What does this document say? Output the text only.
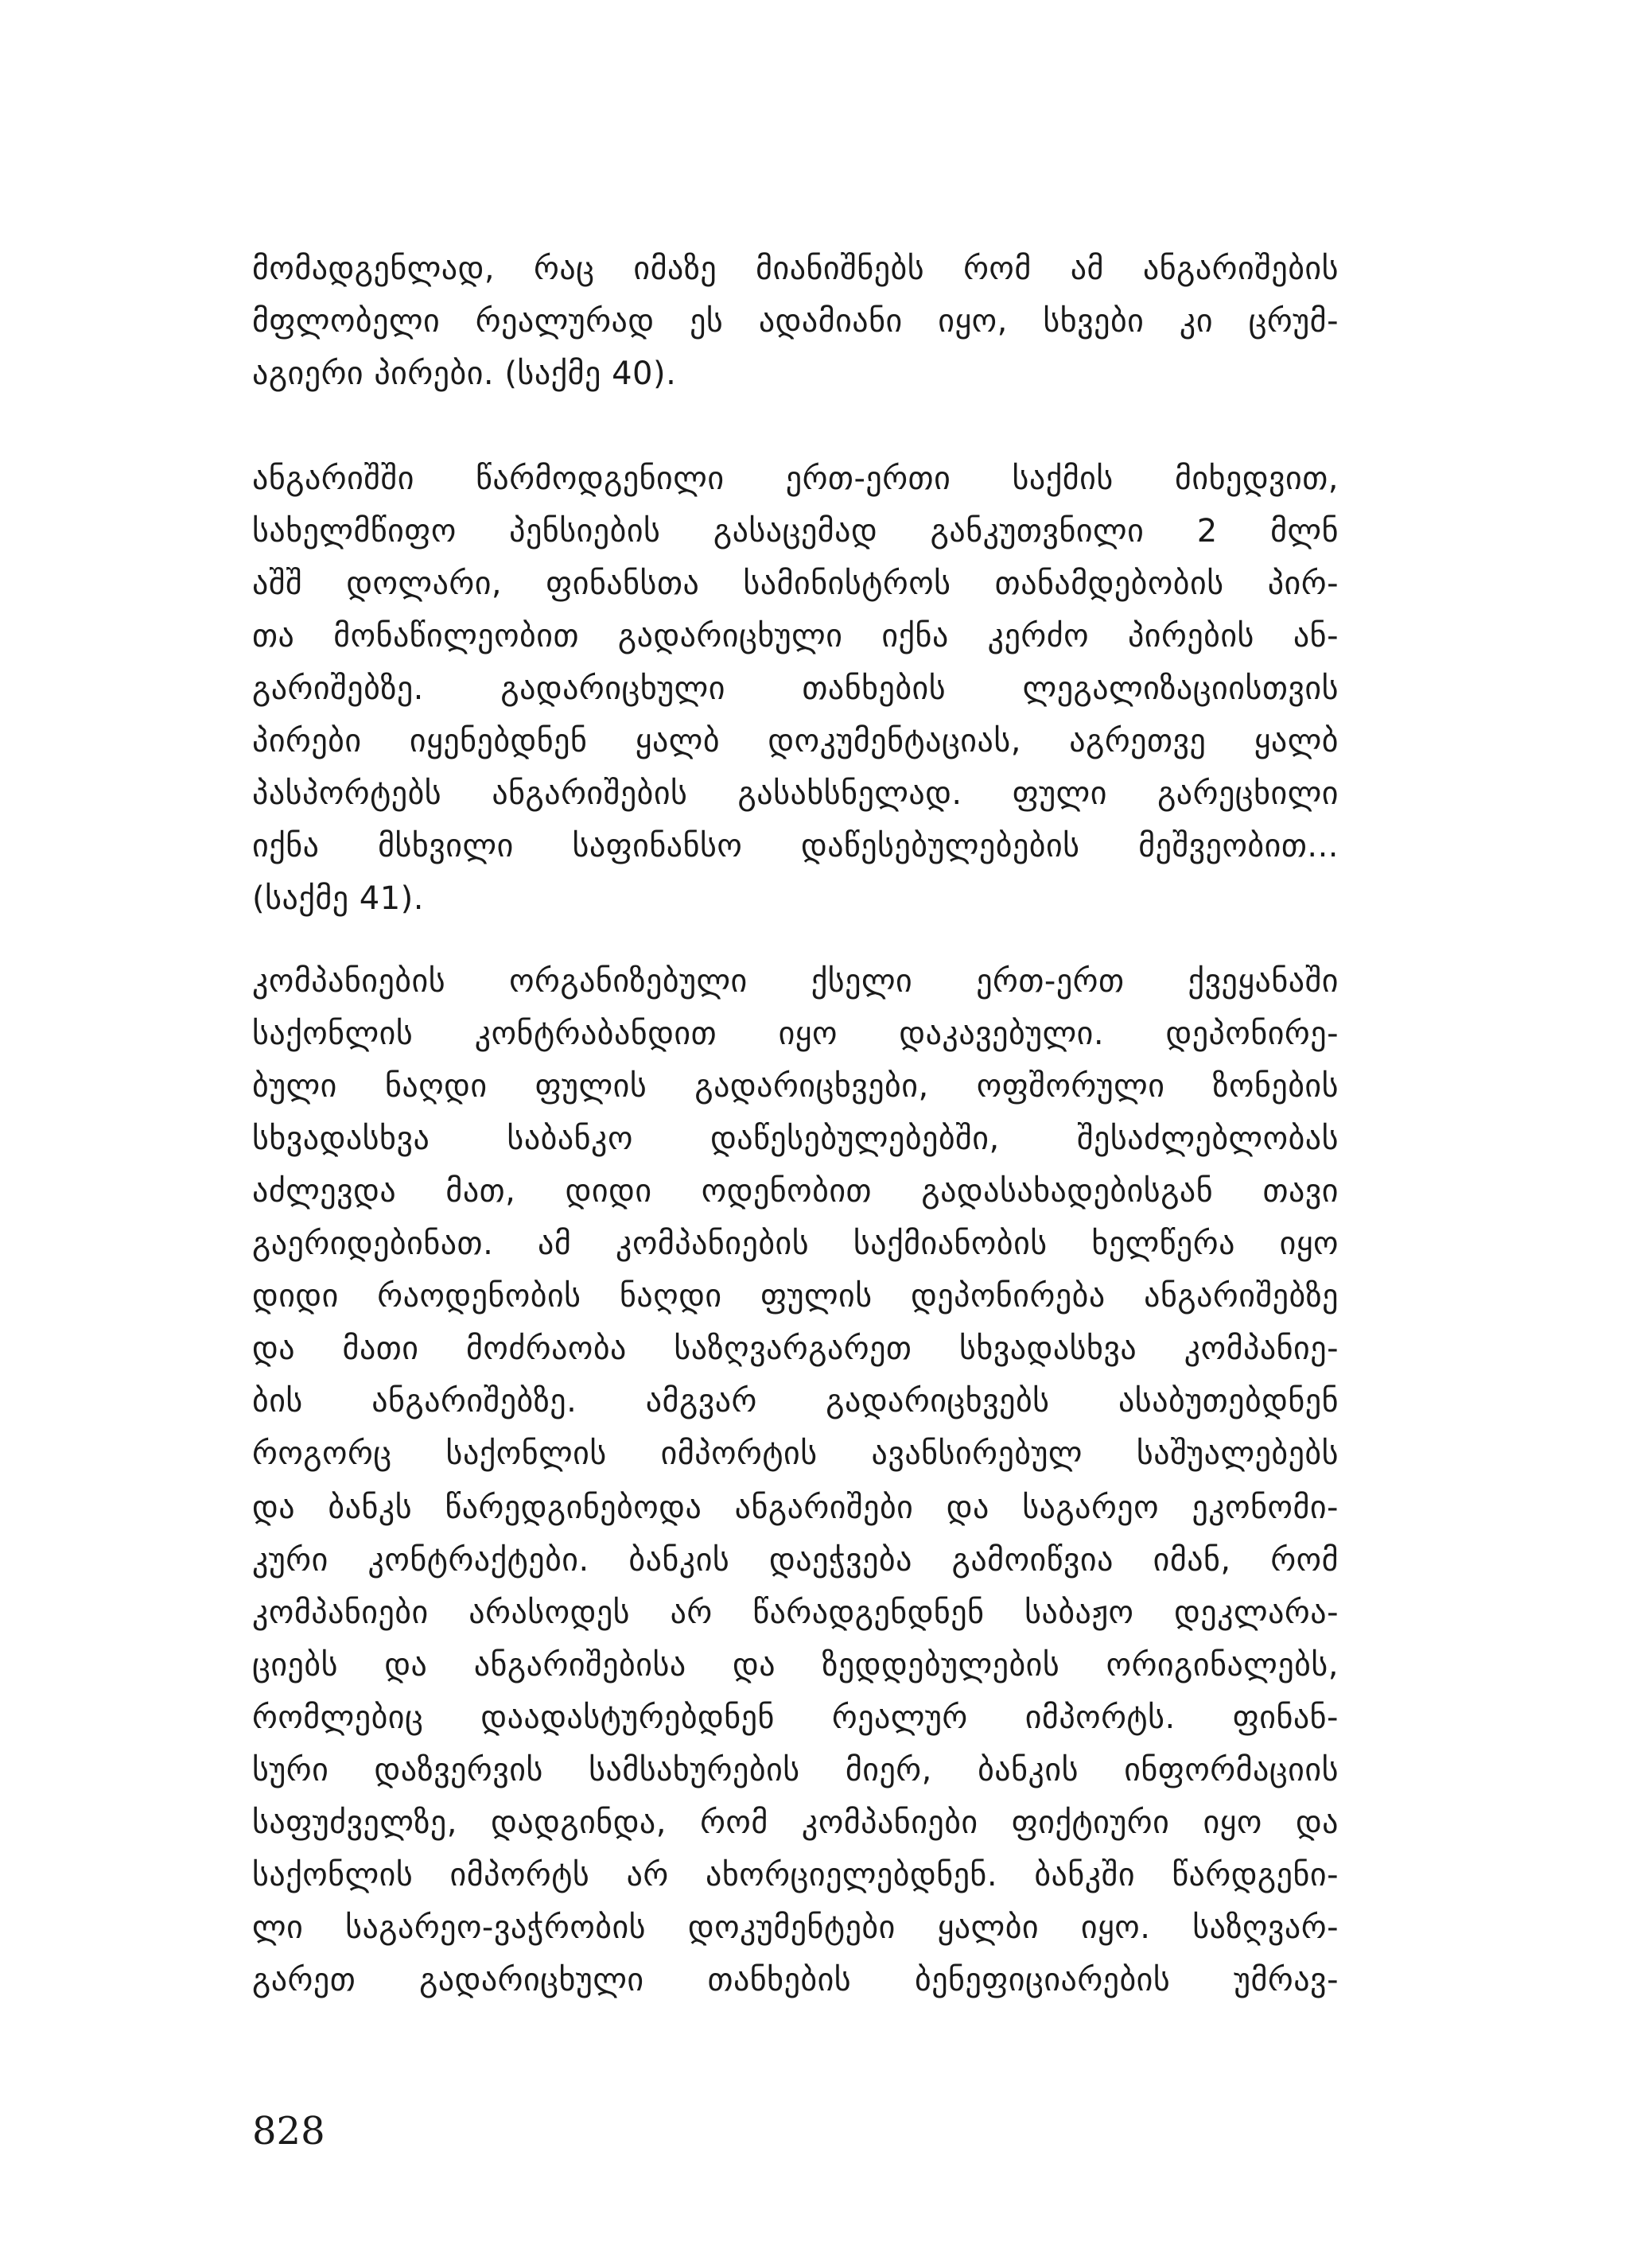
მომადგენლად, რაც იმაზე მიანიშნებს რომ ამ ანგარიშების
მფლობელი რეალურად ეს ადამიანი იყო, სხვები კი ცრუმ-
აგიერი პირები. (საქმე 40).
ანგარიშში წარმოდგენილი ერთ-ერთი საქმის მიხედვით,
სახელმწიფო პენსიების გასაცემად განკუთვნილი 2 მლნ
აშშ დოლარი, ფინანსთა სამინისტროს თანამდებობის პირ-
თა მონაწილეობით გადარიცხული იქნა კერძო პირების ან-
გარიშებზე. გადარიცხული თანხების ლეგალიზაციისთვის
პირები იყენებდნენ ყალბ დოკუმენტაციას, აგრეთვე ყალბ
პასპორტებს ანგარიშების გასახსნელად. ფული გარეცხილი
იქნა მსხვილი საფინანსო დაწესებულებების მეშვეობით...
(საქმე 41).
კომპანიების ორგანიზებული ქსელი ერთ-ერთ ქვეყანაში
საქონლის კონტრაბანდით იყო დაკავებული. დეპონირე-
ბული ნაღდი ფულის გადარიცხვები, ოფშორული ზონების
სხვადასხვა საბანკო დაწესებულებებში, შესაძლებლობას
აძლევდა მათ, დიდი ოდენობით გადასახადებისგან თავი
გაერიდებინათ. ამ კომპანიების საქმიანობის ხელწერა იყო
დიდი რაოდენობის ნაღდი ფულის დეპონირება ანგარიშებზე
და მათი მოძრაობა საზღვარგარეთ სხვადასხვა კომპანიე-
ბის ანგარიშებზე. ამგვარ გადარიცხვებს ასაბუთებდნენ
როგორც საქონლის იმპორტის ავანსირებულ საშუალებებს
და ბანკს წარედგინებოდა ანგარიშები და საგარეო ეკონომი-
კური კონტრაქტები. ბანკის დაეჭვება გამოიწვია იმან, რომ
კომპანიები არასოდეს არ წარადგენდნენ საბაჟო დეკლარა-
ციებს და ანგარიშებისა და ზედდებულების ორიგინალებს,
რომლებიც დაადასტურებდნენ რეალურ იმპორტს. ფინან-
სური დაზვერვის სამსახურების მიერ, ბანკის ინფორმაციის
საფუძველზე, დადგინდა, რომ კომპანიები ფიქტიური იყო და
საქონლის იმპორტს არ ახორციელებდნენ. ბანკში წარდგენი-
ლი საგარეო-ვაჭრობის დოკუმენტები ყალბი იყო. საზღვარ-
გარეთ გადარიცხული თანხების ბენეფიციარების უმრავ-
828
